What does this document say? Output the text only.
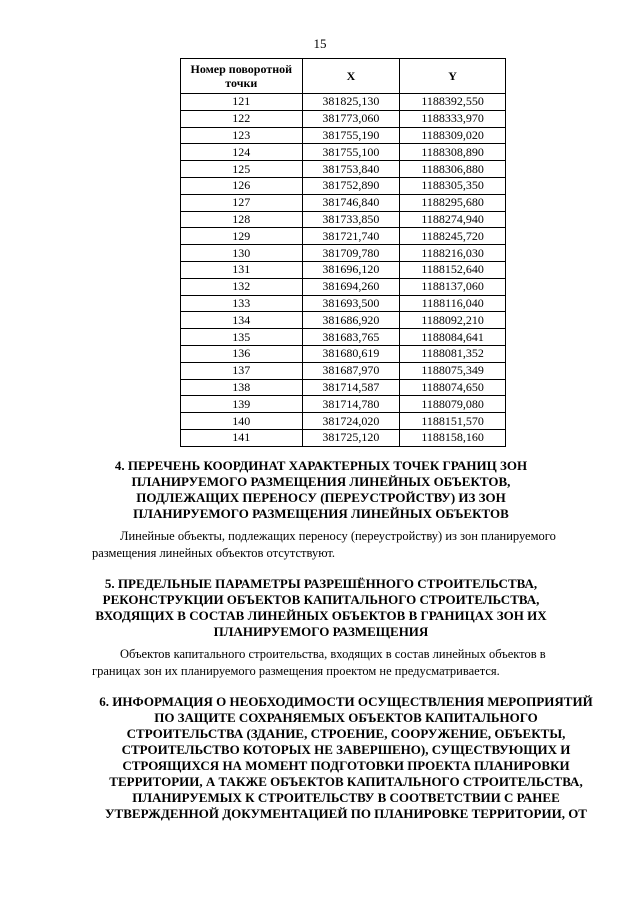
15
Номер поворотной точки	X	Y
121	381825,130	1188392,550
122	381773,060	1188333,970
123	381755,190	1188309,020
124	381755,100	1188308,890
125	381753,840	1188306,880
126	381752,890	1188305,350
127	381746,840	1188295,680
128	381733,850	1188274,940
129	381721,740	1188245,720
130	381709,780	1188216,030
131	381696,120	1188152,640
132	381694,260	1188137,060
133	381693,500	1188116,040
134	381686,920	1188092,210
135	381683,765	1188084,641
136	381680,619	1188081,352
137	381687,970	1188075,349
138	381714,587	1188074,650
139	381714,780	1188079,080
140	381724,020	1188151,570
141	381725,120	1188158,160
4. ПЕРЕЧЕНЬ КООРДИНАТ ХАРАКТЕРНЫХ ТОЧЕК ГРАНИЦ ЗОН ПЛАНИРУЕМОГО РАЗМЕЩЕНИЯ ЛИНЕЙНЫХ ОБЪЕКТОВ, ПОДЛЕЖАЩИХ ПЕРЕНОСУ (ПЕРЕУСТРОЙСТВУ) ИЗ ЗОН ПЛАНИРУЕМОГО РАЗМЕЩЕНИЯ ЛИНЕЙНЫХ ОБЪЕКТОВ
Линейные объекты, подлежащих переносу (переустройству) из зон планируемого размещения линейных объектов отсутствуют.
5. ПРЕДЕЛЬНЫЕ ПАРАМЕТРЫ РАЗРЕШЁННОГО СТРОИТЕЛЬСТВА, РЕКОНСТРУКЦИИ ОБЪЕКТОВ КАПИТАЛЬНОГО СТРОИТЕЛЬСТВА, ВХОДЯЩИХ В СОСТАВ ЛИНЕЙНЫХ ОБЪЕКТОВ В ГРАНИЦАХ ЗОН ИХ ПЛАНИРУЕМОГО РАЗМЕЩЕНИЯ
Объектов капитального строительства, входящих в состав линейных объектов в границах зон их планируемого размещения проектом не предусматривается.
6. ИНФОРМАЦИЯ О НЕОБХОДИМОСТИ ОСУЩЕСТВЛЕНИЯ МЕРОПРИЯТИЙ ПО ЗАЩИТЕ СОХРАНЯЕМЫХ ОБЪЕКТОВ КАПИТАЛЬНОГО СТРОИТЕЛЬСТВА (ЗДАНИЕ, СТРОЕНИЕ, СООРУЖЕНИЕ, ОБЪЕКТЫ, СТРОИТЕЛЬСТВО КОТОРЫХ НЕ ЗАВЕРШЕНО), СУЩЕСТВУЮЩИХ И СТРОЯЩИХСЯ НА МОМЕНТ ПОДГОТОВКИ ПРОЕКТА ПЛАНИРОВКИ ТЕРРИТОРИИ, А ТАКЖЕ ОБЪЕКТОВ КАПИТАЛЬНОГО СТРОИТЕЛЬСТВА, ПЛАНИРУЕМЫХ К СТРОИТЕЛЬСТВУ В СООТВЕТСТВИИ С РАНЕЕ УТВЕРЖДЕННОЙ ДОКУМЕНТАЦИЕЙ ПО ПЛАНИРОВКЕ ТЕРРИТОРИИ, ОТ
